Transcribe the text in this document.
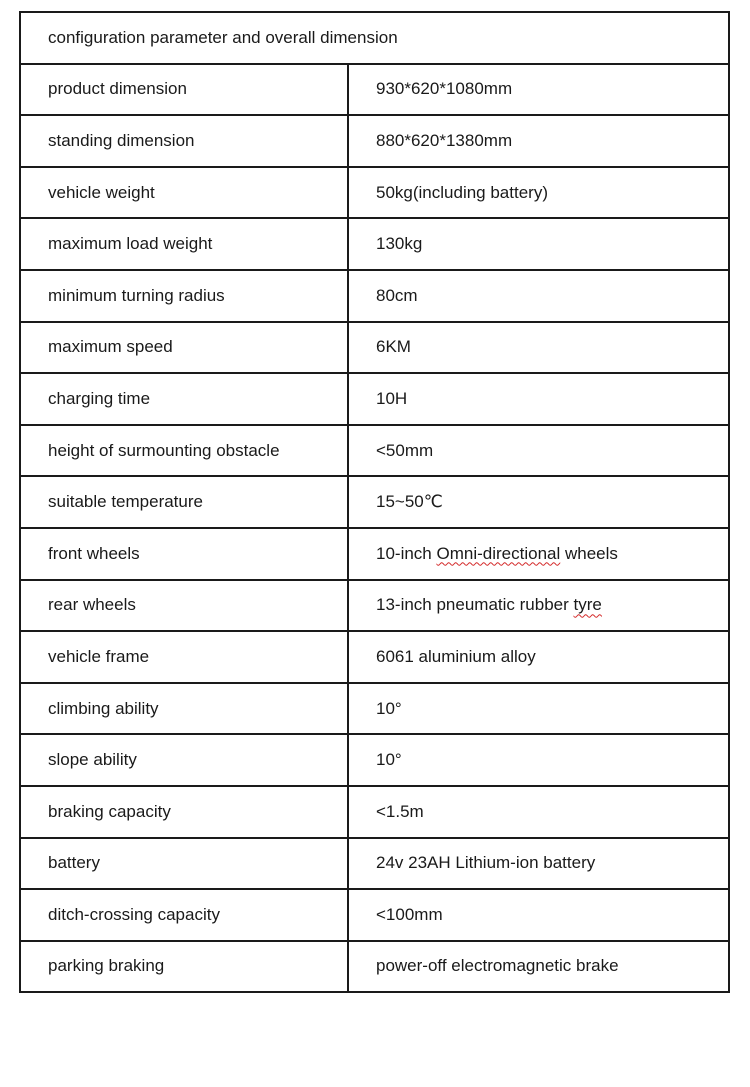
configuration parameter and overall dimension	
product dimension	930*620*1080mm
standing dimension	880*620*1380mm
vehicle weight	50kg(including battery)
maximum load weight	130kg
minimum turning radius	80cm
maximum speed	6KM
charging time	10H
height of surmounting obstacle	<50mm
suitable temperature	15~50℃
front wheels	10-inch Omni-directional wheels
rear wheels	13-inch pneumatic rubber tyre
vehicle frame	6061 aluminium alloy
climbing ability	10°
slope ability	10°
braking capacity	<1.5m
battery	24v 23AH Lithium-ion battery
ditch-crossing capacity	<100mm
parking braking	power-off electromagnetic brake
